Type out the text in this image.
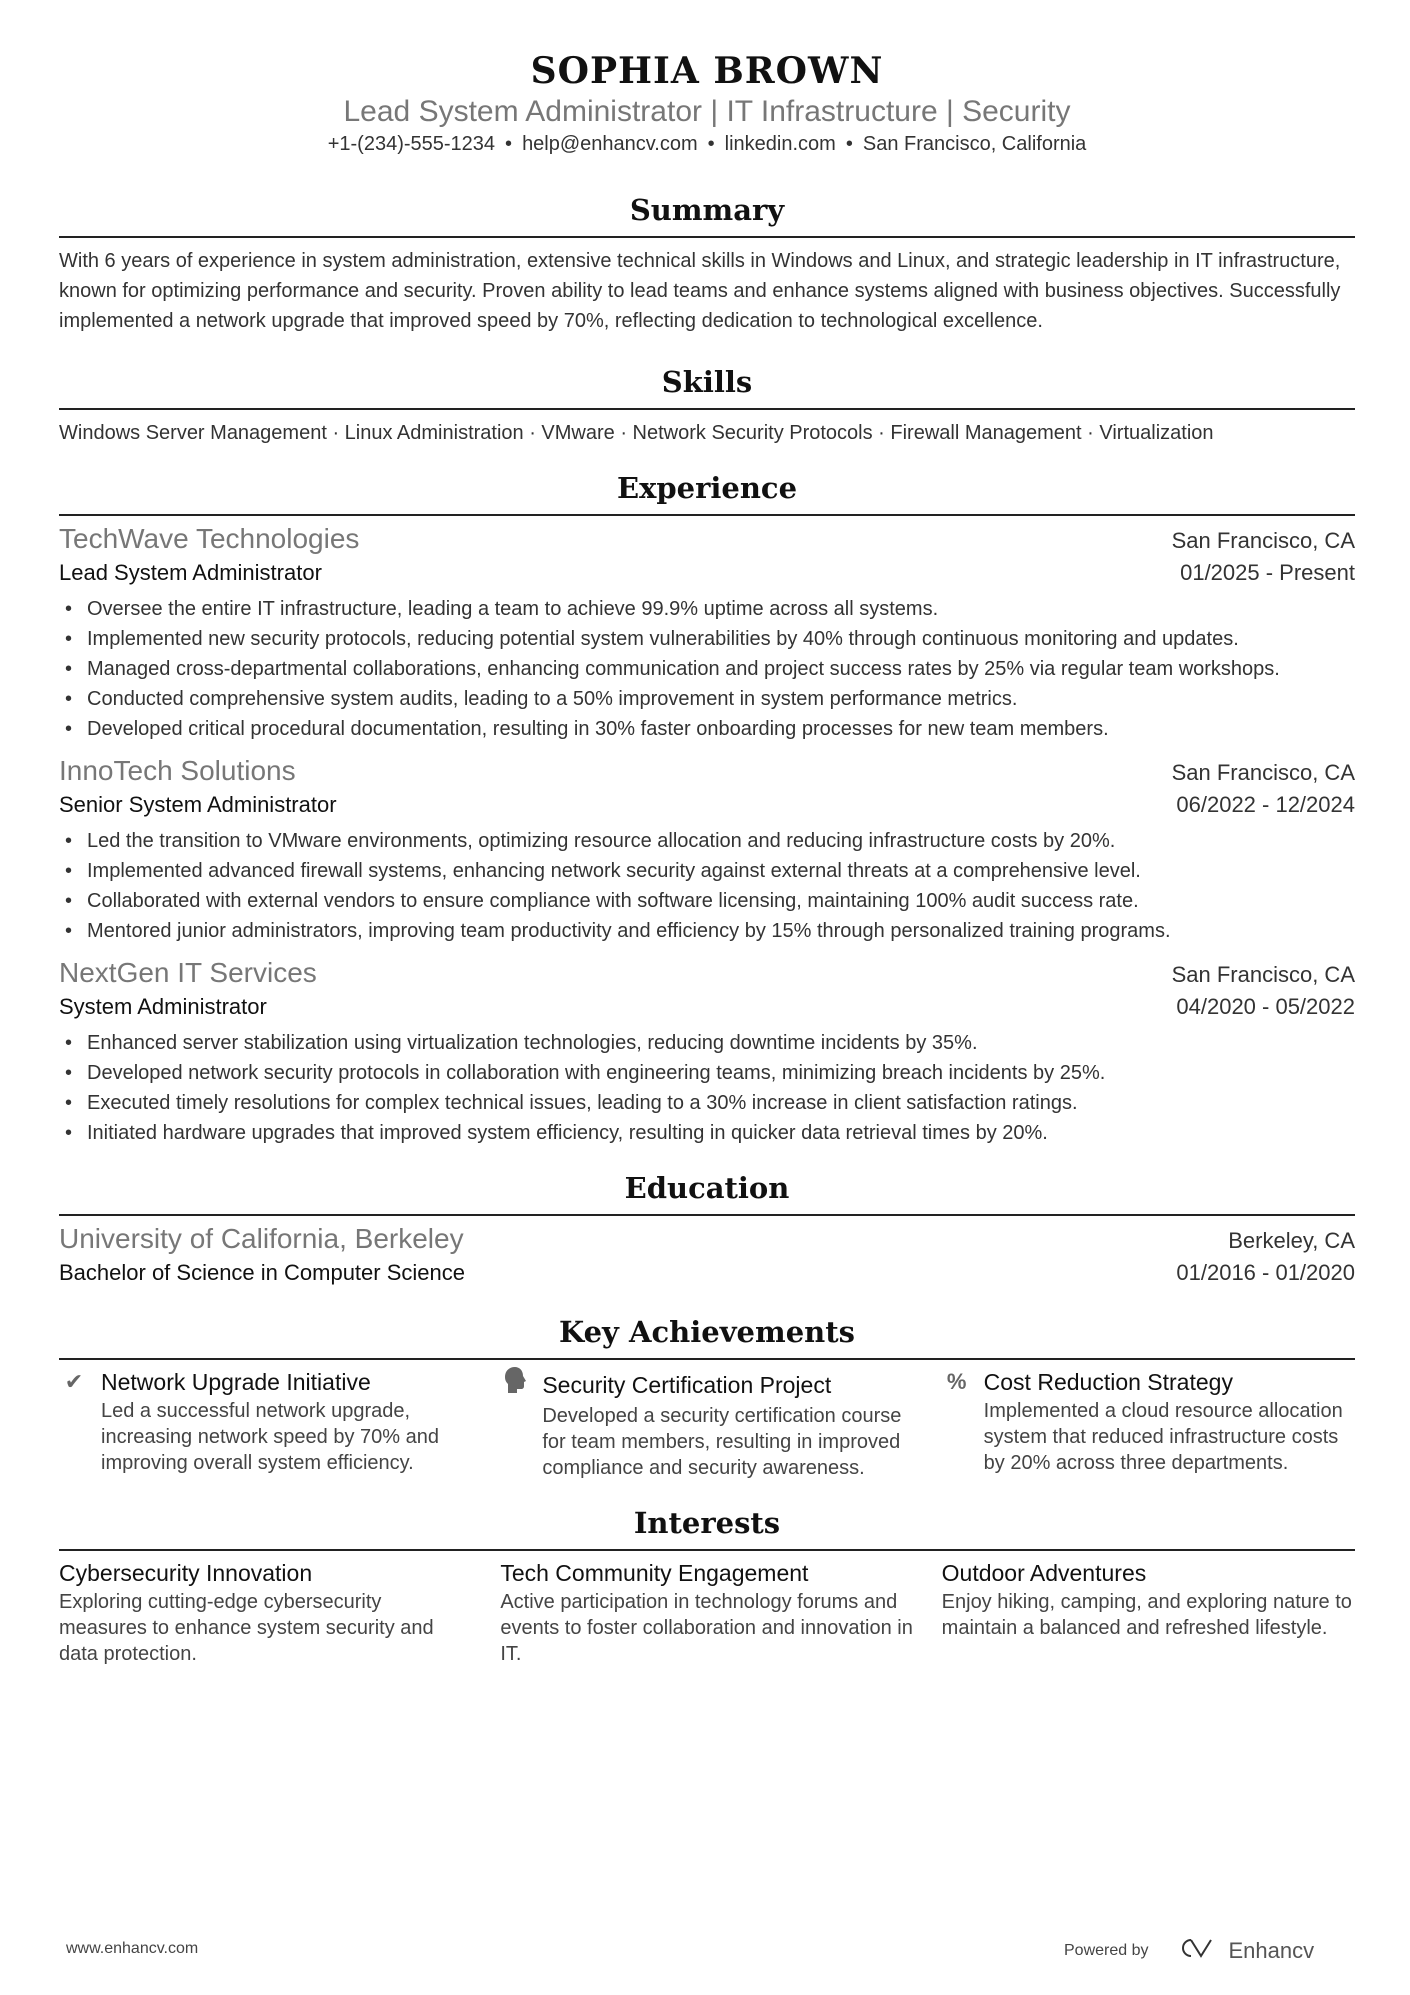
SOPHIA BROWN
Lead System Administrator | IT Infrastructure | Security
+1-(234)-555-1234 • help@enhancv.com • linkedin.com • San Francisco, California
Summary

With 6 years of experience in system administration, extensive technical skills in Windows and Linux, and strategic leadership in IT infrastructure, known for optimizing performance and security. Proven ability to lead teams and enhance systems aligned with business objectives. Successfully implemented a network upgrade that improved speed by 70%, reflecting dedication to technological excellence.

Skills

Windows Server Management · Linux Administration · VMware · Network Security Protocols · Firewall Management · Virtualization

Experience
TechWave Technologies	San Francisco, CA
Lead System Administrator	01/2025 - Present
• Oversee the entire IT infrastructure, leading a team to achieve 99.9% uptime across all systems.
• Implemented new security protocols, reducing potential system vulnerabilities by 40% through continuous monitoring and updates.
• Managed cross-departmental collaborations, enhancing communication and project success rates by 25% via regular team workshops.
• Conducted comprehensive system audits, leading to a 50% improvement in system performance metrics.
• Developed critical procedural documentation, resulting in 30% faster onboarding processes for new team members.
InnoTech Solutions	San Francisco, CA
Senior System Administrator	06/2022 - 12/2024
• Led the transition to VMware environments, optimizing resource allocation and reducing infrastructure costs by 20%.
• Implemented advanced firewall systems, enhancing network security against external threats at a comprehensive level.
• Collaborated with external vendors to ensure compliance with software licensing, maintaining 100% audit success rate.
• Mentored junior administrators, improving team productivity and efficiency by 15% through personalized training programs.
NextGen IT Services	San Francisco, CA
System Administrator	04/2020 - 05/2022
• Enhanced server stabilization using virtualization technologies, reducing downtime incidents by 35%.
• Developed network security protocols in collaboration with engineering teams, minimizing breach incidents by 25%.
• Executed timely resolutions for complex technical issues, leading to a 30% increase in client satisfaction ratings.
• Initiated hardware upgrades that improved system efficiency, resulting in quicker data retrieval times by 20%.
Education
University of California, Berkeley	Berkeley, CA
Bachelor of Science in Computer Science	01/2016 - 01/2020
Key Achievements
✔ Network Upgrade Initiative
Led a successful network upgrade, increasing network speed by 70% and improving overall system efficiency.
Security Certification Project
Developed a security certification course for team members, resulting in improved compliance and security awareness.
% Cost Reduction Strategy
Implemented a cloud resource allocation system that reduced infrastructure costs by 20% across three departments.
Interests
Cybersecurity Innovation
Exploring cutting-edge cybersecurity measures to enhance system security and data protection.
Tech Community Engagement
Active participation in technology forums and events to foster collaboration and innovation in IT.
Outdoor Adventures
Enjoy hiking, camping, and exploring nature to maintain a balanced and refreshed lifestyle.
www.enhancv.com	Powered by	Enhancv
